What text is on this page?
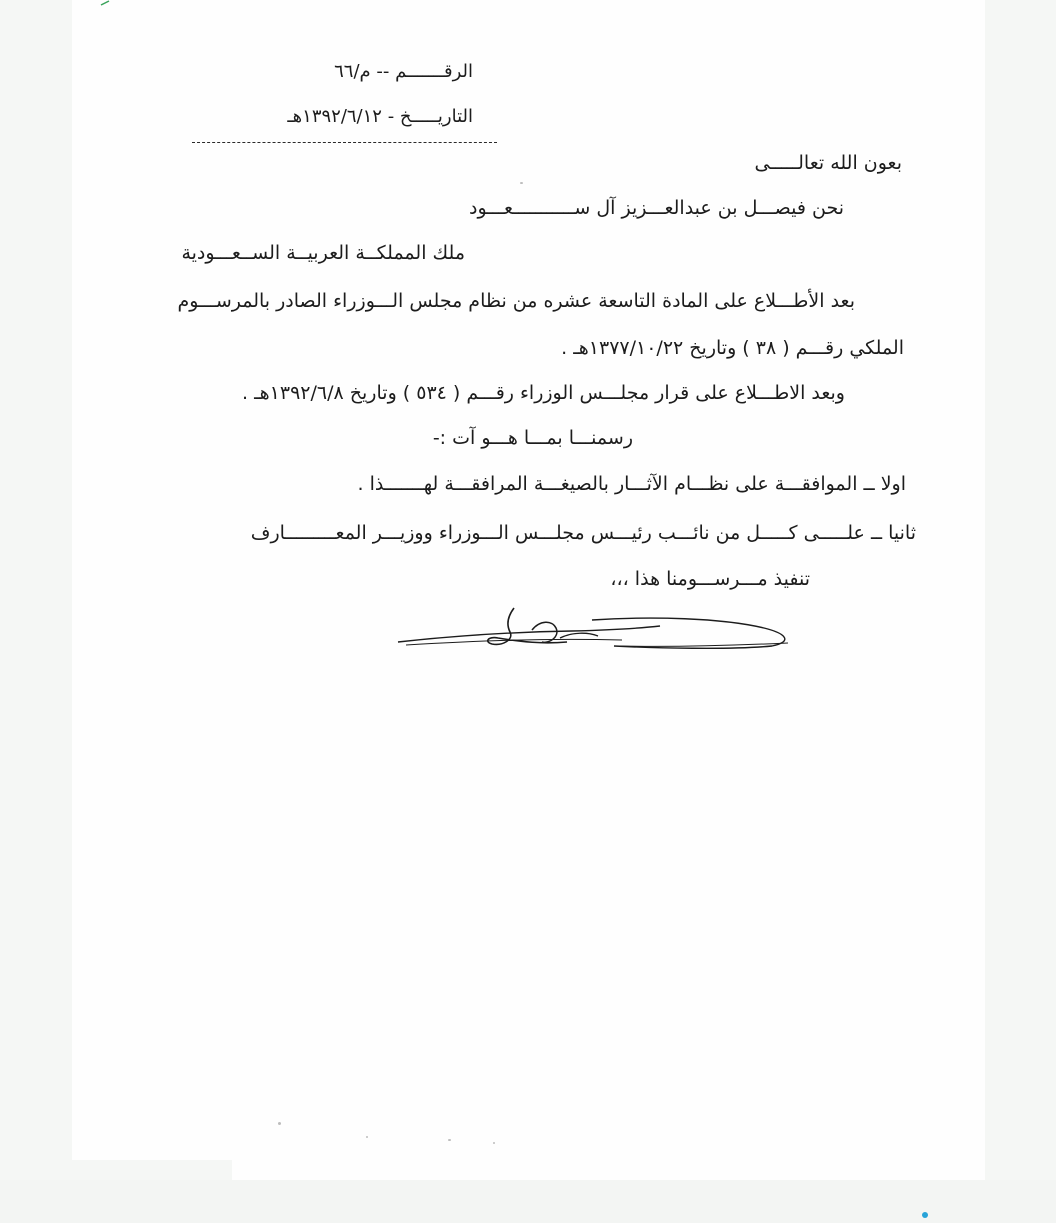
الرقـــــــم -- م/٦٦
التاريـــــخ - ١٣٩٢/٦/١٢هـ
بعون الله تعالـــــى
نحن فيصـــل بن عبدالعـــزيز آل ســـــــــــعـــود
ملك المملكــة العربيــة الســعـــودية
بعد الأطـــلاع على المادة التاسعة عشره من نظام مجلس الـــوزراء الصادر بالمرســـوم
الملكي رقـــم ( ٣٨ ) وتاريخ ١٣٧٧/١٠/٢٢هـ .
وبعد الاطـــلاع على قرار مجلـــس الوزراء رقـــم ( ٥٣٤ ) وتاريخ ١٣٩٢/٦/٨هـ .
رسمنـــا بمـــا هـــو آت :-
اولا ــ الموافقـــة على نظـــام الآثـــار بالصيغـــة المرافقـــة لهـــــــذا .
ثانيا ــ علـــــى كـــــل من نائـــب رئيـــس مجلـــس الـــوزراء ووزيـــر المعـــــــــارف
تنفيذ مـــرســـومنا هذا ،،،
